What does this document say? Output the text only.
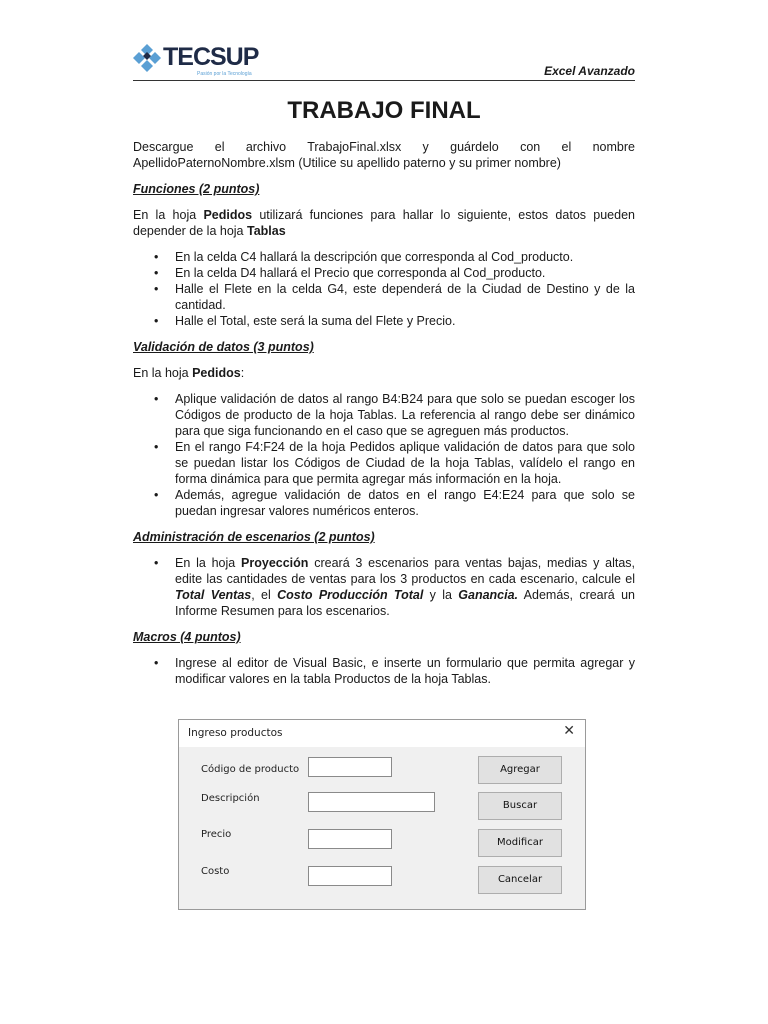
TECSUP
Pasión por la Tecnología	Excel Avanzado
TRABAJO FINAL

Descargue el archivo TrabajoFinal.xlsx y guárdelo con el nombre ApellidoPaternoNombre.xlsm (Utilice su apellido paterno y su primer nombre)

Funciones (2 puntos)

En la hoja Pedidos utilizará funciones para hallar lo siguiente, estos datos pueden depender de la hoja Tablas

• En la celda C4 hallará la descripción que corresponda al Cod_producto.
• En la celda D4 hallará el Precio que corresponda al Cod_producto.
• Halle el Flete en la celda G4, este dependerá de la Ciudad de Destino y de la cantidad.
• Halle el Total, este será la suma del Flete y Precio.

Validación de datos (3 puntos)

En la hoja Pedidos:

• Aplique validación de datos al rango B4:B24 para que solo se puedan escoger los Códigos de producto de la hoja Tablas. La referencia al rango debe ser dinámico para que siga funcionando en el caso que se agreguen más productos.
• En el rango F4:F24 de la hoja Pedidos aplique validación de datos para que solo se puedan listar los Códigos de Ciudad de la hoja Tablas, valídelo el rango en forma dinámica para que permita agregar más información en la hoja.
• Además, agregue validación de datos en el rango E4:E24 para que solo se puedan ingresar valores numéricos enteros.

Administración de escenarios (2 puntos)

• En la hoja Proyección creará 3 escenarios para ventas bajas, medias y altas, edite las cantidades de ventas para los 3 productos en cada escenario, calcule el Total Ventas, el Costo Producción Total y la Ganancia. Además, creará un Informe Resumen para los escenarios.

Macros (4 puntos)

• Ingrese al editor de Visual Basic, e inserte un formulario que permita agregar y modificar valores en la tabla Productos de la hoja Tablas.
Ingreso productos	✕
Código de producto
Descripción
Precio
Costo
Agregar
Buscar
Modificar
Cancelar
